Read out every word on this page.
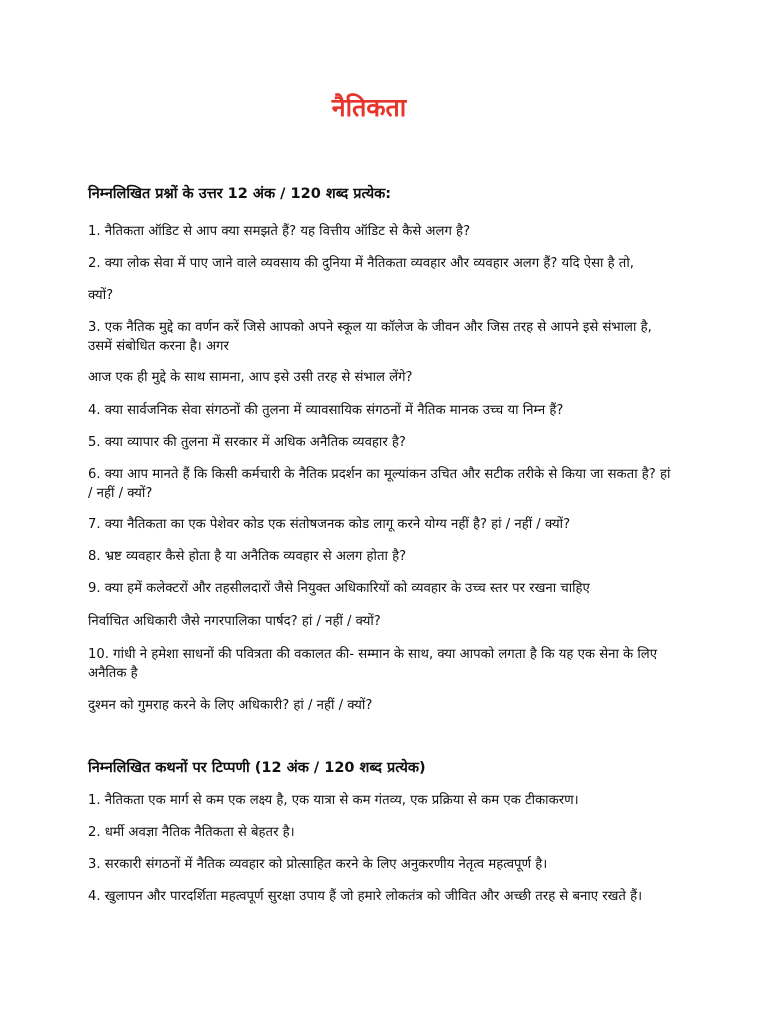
नैतिकता

निम्नलिखित प्रश्नों के उत्तर 12 अंक / 120 शब्द प्रत्येक:

1. नैतिकता ऑडिट से आप क्या समझते हैं? यह वित्तीय ऑडिट से कैसे अलग है?

2. क्या लोक सेवा में पाए जाने वाले व्यवसाय की दुनिया में नैतिकता व्यवहार और व्यवहार अलग हैं? यदि ऐसा है तो,

क्यों?

3. एक नैतिक मुद्दे का वर्णन करें जिसे आपको अपने स्कूल या कॉलेज के जीवन और जिस तरह से आपने इसे संभाला है, उसमें संबोधित करना है। अगर

आज एक ही मुद्दे के साथ सामना, आप इसे उसी तरह से संभाल लेंगे?

4. क्या सार्वजनिक सेवा संगठनों की तुलना में व्यावसायिक संगठनों में नैतिक मानक उच्च या निम्न हैं?

5. क्या व्यापार की तुलना में सरकार में अधिक अनैतिक व्यवहार है?

6. क्या आप मानते हैं कि किसी कर्मचारी के नैतिक प्रदर्शन का मूल्यांकन उचित और सटीक तरीके से किया जा सकता है? हां / नहीं / क्यों?

7. क्या नैतिकता का एक पेशेवर कोड एक संतोषजनक कोड लागू करने योग्य नहीं है? हां / नहीं / क्यों?

8. भ्रष्ट व्यवहार कैसे होता है या अनैतिक व्यवहार से अलग होता है?

9. क्या हमें कलेक्टरों और तहसीलदारों जैसे नियुक्त अधिकारियों को व्यवहार के उच्च स्तर पर रखना चाहिए

निर्वाचित अधिकारी जैसे नगरपालिका पार्षद? हां / नहीं / क्यों?

10. गांधी ने हमेशा साधनों की पवित्रता की वकालत की- सम्मान के साथ, क्या आपको लगता है कि यह एक सेना के लिए अनैतिक है

दुश्मन को गुमराह करने के लिए अधिकारी? हां / नहीं / क्यों?

निम्नलिखित कथनों पर टिप्पणी (12 अंक / 120 शब्द प्रत्येक)

1. नैतिकता एक मार्ग से कम एक लक्ष्य है, एक यात्रा से कम गंतव्य, एक प्रक्रिया से कम एक टीकाकरण।

2. धर्मी अवज्ञा नैतिक नैतिकता से बेहतर है।

3. सरकारी संगठनों में नैतिक व्यवहार को प्रोत्साहित करने के लिए अनुकरणीय नेतृत्व महत्वपूर्ण है।

4. खुलापन और पारदर्शिता महत्वपूर्ण सुरक्षा उपाय हैं जो हमारे लोकतंत्र को जीवित और अच्छी तरह से बनाए रखते हैं।
